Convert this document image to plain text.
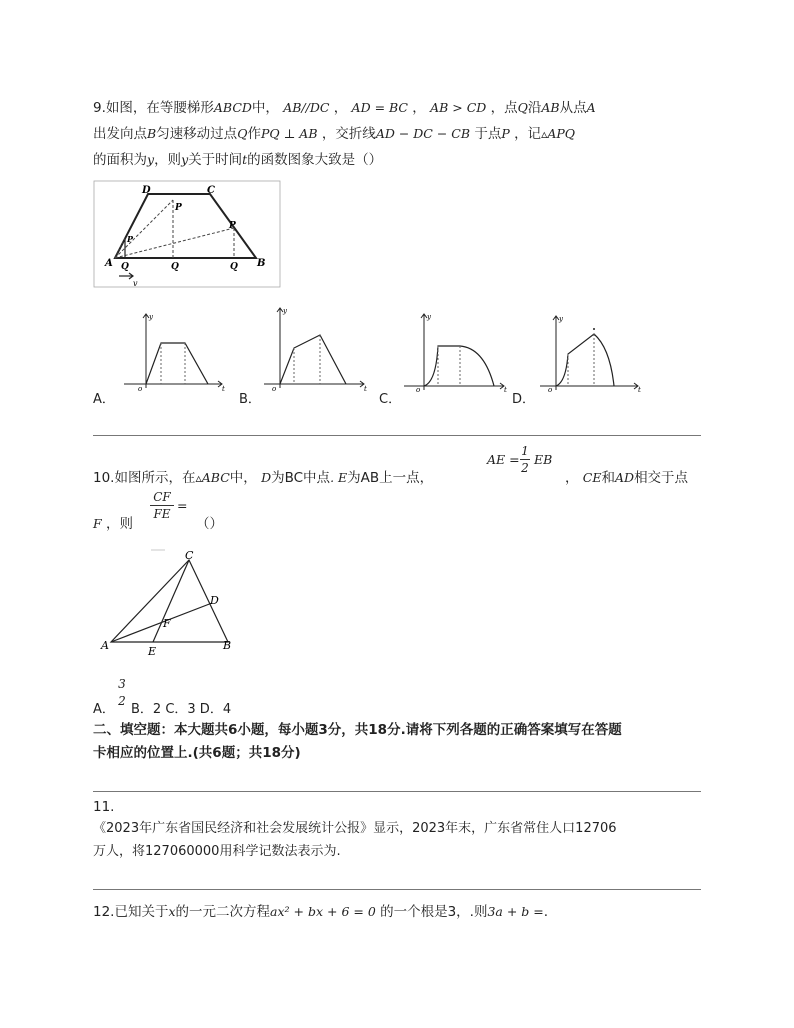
9.如图，在等腰梯形ABCD中， AB//DC ， AD = BC ， AB > CD ，点Q沿AB从点A
出发向点B匀速移动过点Q作PQ ⊥ AB ，交折线AD − DC − CB 于点P ，记▵APQ
的面积为y，则y关于时间t的函数图象大致是（）
D	C
P
P
P
A	B
Q	Q	Q
v
y
t
o
A．
y
t
o
B．
y
t
o
C．
y
t
o
D．
10.如图所示，在▵ABC中， D为BC中点. E为AB上一点，
AE =
1
2
EB
， CE和AD相交于点
F ，则
CF
FE
=
（）
C
D
F
A	E	B
A．
3
2
B．2 C．3 D．4
二、填空题：本大题共6小题，每小题3分，共18分.请将下列各题的正确答案填写在答题
卡相应的位置上.(共6题；共18分)
11.
《2023年广东省国民经济和社会发展统计公报》显示，2023年末，广东省常住人口12706
万人，将127060000用科学记数法表示为.
12.已知关于x的一元二次方程ax² + bx + 6 = 0 的一个根是3，.则3a + b =.
